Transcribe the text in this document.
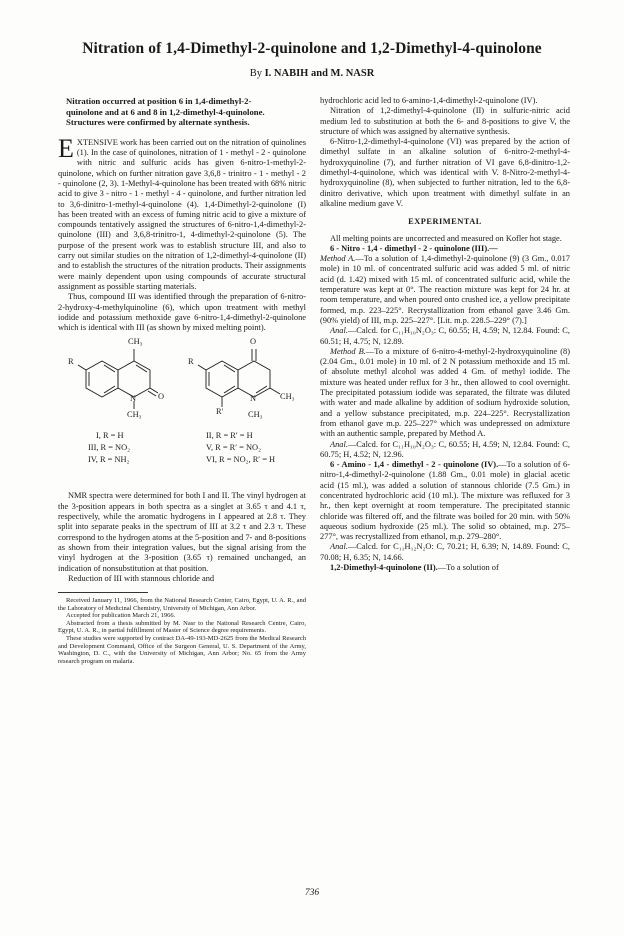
Nitration of 1,4-Dimethyl-2-quinolone and 1,2-Dimethyl-4-quinolone
By I. NABIH and M. NASR
Nitration occurred at position 6 in 1,4-dimethyl-2-quinolone and at 6 and 8 in 1,2-dimethyl-4-quinolone. Structures were confirmed by alternate synthesis.

EXTENSIVE work has been carried out on the nitration of quinolines (1). In the case of quinolones, nitration of 1 - methyl - 2 - quinolone with nitric and sulfuric acids has given 6-nitro-1-methyl-2-quinolone, which on further nitration gave 3,6,8 - trinitro - 1 - methyl - 2 - quinolone (2, 3). 1-Methyl-4-quinolone has been treated with 68% nitric acid to give 3 - nitro - 1 - methyl - 4 - quinolone, and further nitration led to 3,6-dinitro-1-methyl-4-quinolone (4). 1,4-Dimethyl-2-quinolone (I) has been treated with an excess of fuming nitric acid to give a mixture of compounds tentatively assigned the structures of 6-nitro-1,4-dimethyl-2-quinolone (III) and 3,6,8-trinitro-1, 4-dimethyl-2-quinolone (5). The purpose of the present work was to establish structure III, and also to carry out similar studies on the nitration of 1,2-dimethyl-4-quinolone (II) and to establish the structures of the nitration products. Their assignments were mainly dependent upon using compounds of accurate structural assignment as possible starting materials.

Thus, compound III was identified through the preparation of 6-nitro-2-hydroxy-4-methylquinoline (6), which upon treatment with methyl iodide and potassium methoxide gave 6-nitro-1,4-dimethyl-2-quinolone which is identical with III (as shown by mixed melting point).

CH₃
R
N	O
CH₃
O
R
N	CH₃
R′	CH₃
I, R = H
III, R = NO₂
IV, R = NH₂
II, R = R′ = H
V, R = R′ = NO₂
VI, R = NO₂, R′ = H

NMR spectra were determined for both I and II. The vinyl hydrogen at the 3-position appears in both spectra as a singlet at 3.65 τ and 4.1 τ, respectively, while the aromatic hydrogens in I appeared at 2.8 τ. They split into separate peaks in the spectrum of III at 3.2 τ and 2.3 τ. These correspond to the hydrogen atoms at the 5-position and 7- and 8-positions as shown from their integration values, but the signal arising from the vinyl hydrogen at the 3-position (3.65 τ) remained unchanged, an indication of nonsubstitution at that position.

Reduction of III with stannous chloride and

Received January 11, 1966, from the National Research Center, Cairo, Egypt, U. A. R., and the Laboratory of Medicinal Chemistry, University of Michigan, Ann Arbor.

Accepted for publication March 21, 1966.

Abstracted from a thesis submitted by M. Nasr to the National Research Centre, Cairo, Egypt, U. A. R., in partial fulfillment of Master of Science degree requirements.

These studies were supported by contract DA-49-193-MD-2625 from the Medical Research and Development Command, Office of the Surgeon General, U. S. Department of the Army, Washington, D. C., with the University of Michigan, Ann Arbor; No. 65 from the Army research program on malaria.

hydrochloric acid led to 6-amino-1,4-dimethyl-2-quinolone (IV).

Nitration of 1,2-dimethyl-4-quinolone (II) in sulfuric-nitric acid medium led to substitution at both the 6- and 8-positions to give V, the structure of which was assigned by alternative synthesis.

6-Nitro-1,2-dimethyl-4-quinolone (VI) was prepared by the action of dimethyl sulfate in an alkaline solution of 6-nitro-2-methyl-4-hydroxyquinoline (7), and further nitration of VI gave 6,8-dinitro-1,2-dimethyl-4-quinolone, which was identical with V. 8-Nitro-2-methyl-4-hydroxyquinoline (8), when subjected to further nitration, led to the 6,8-dinitro derivative, which upon treatment with dimethyl sulfate in an alkaline medium gave V.

EXPERIMENTAL

All melting points are uncorrected and measured on Kofler hot stage.

6 - Nitro - 1,4 - dimethyl - 2 - quinolone (III).—

Method A.—To a solution of 1,4-dimethyl-2-quinolone (9) (3 Gm., 0.017 mole) in 10 ml. of concentrated sulfuric acid was added 5 ml. of nitric acid (d. 1.42) mixed with 15 ml. of concentrated sulfuric acid, while the temperature was kept at 0°. The reaction mixture was kept for 24 hr. at room temperature, and when poured onto crushed ice, a yellow precipitate formed, m.p. 223–225°. Recrystallization from ethanol gave 3.46 Gm. (90% yield) of III, m.p. 225–227°. [Lit. m.p. 228.5–229° (7).]

Anal.—Calcd. for C₁₁H₁₀N₂O₃: C, 60.55; H, 4.59; N, 12.84. Found: C, 60.51; H, 4.75; N, 12.89.

Method B.—To a mixture of 6-nitro-4-methyl-2-hydroxyquinoline (8) (2.04 Gm., 0.01 mole) in 10 ml. of 2 N potassium methoxide and 15 ml. of absolute methyl alcohol was added 4 Gm. of methyl iodide. The mixture was heated under reflux for 3 hr., then allowed to cool overnight. The precipitated potassium iodide was separated, the filtrate was diluted with water and made alkaline by addition of sodium hydroxide solution, and a yellow substance precipitated, m.p. 224–225°. Recrystallization from ethanol gave m.p. 225–227° which was undepressed on admixture with an authentic sample, prepared by Method A.

Anal.—Calcd. for C₁₁H₁₀N₂O₃: C, 60.55; H, 4.59; N, 12.84. Found: C, 60.75; H, 4.52; N, 12.96.

6 - Amino - 1,4 - dimethyl - 2 - quinolone (IV).—To a solution of 6-nitro-1,4-dimethyl-2-quinolone (1.88 Gm., 0.01 mole) in glacial acetic acid (15 ml.), was added a solution of stannous chloride (7.5 Gm.) in concentrated hydrochloric acid (10 ml.). The mixture was refluxed for 3 hr., then kept overnight at room temperature. The precipitated stannic chloride was filtered off, and the filtrate was boiled for 20 min. with 50% aqueous sodium hydroxide (25 ml.). The solid so obtained, m.p. 275–277°, was recrystallized from ethanol, m.p. 279–280°.

Anal.—Calcd. for C₁₁H₁₂N₂O: C, 70.21; H, 6.39; N, 14.89. Found: C, 70.08; H, 6.35; N, 14.66.

1,2-Dimethyl-4-quinolone (II).—To a solution of

736
